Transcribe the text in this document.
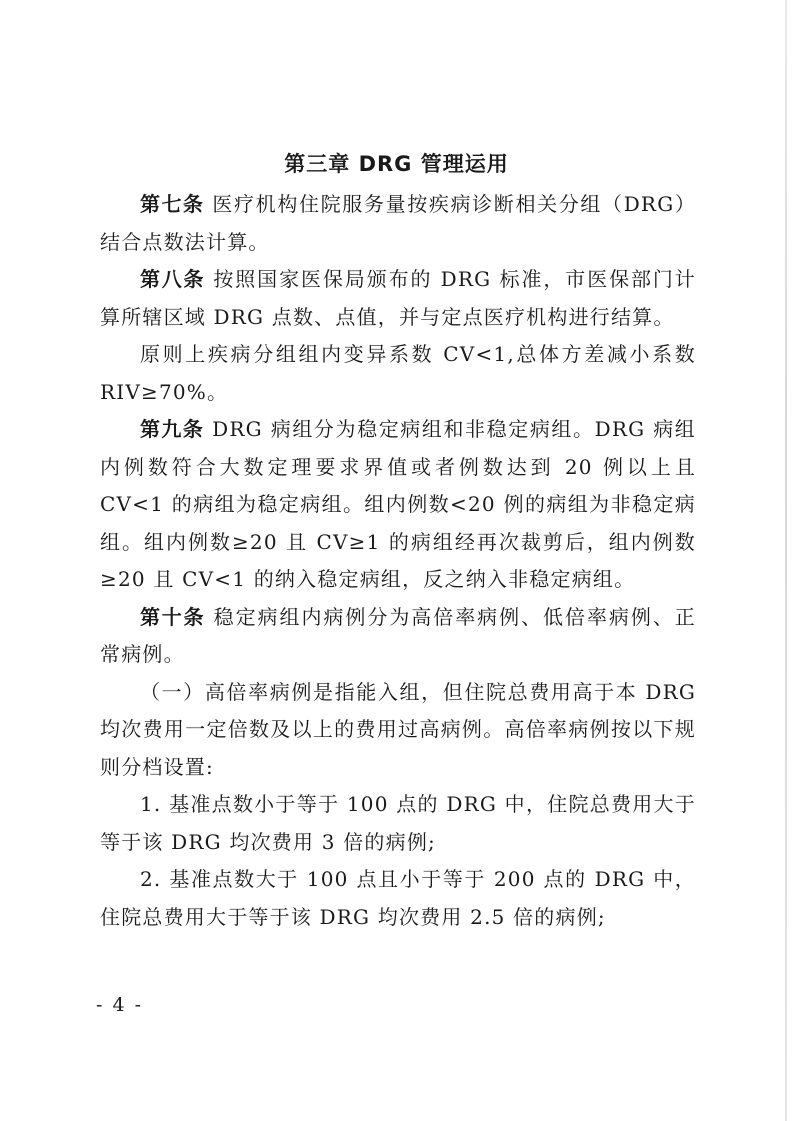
第三章 DRG 管理运用

第七条 医疗机构住院服务量按疾病诊断相关分组（DRG）结合点数法计算。

第八条 按照国家医保局颁布的 DRG 标准，市医保部门计算所辖区域 DRG 点数、点值，并与定点医疗机构进行结算。

原则上疾病分组组内变异系数 CV<1,总体方差减小系数 RIV≥70%。

第九条 DRG 病组分为稳定病组和非稳定病组。DRG 病组内例数符合大数定理要求界值或者例数达到 20 例以上且 CV<1 的病组为稳定病组。组内例数<20 例的病组为非稳定病组。组内例数≥20 且 CV≥1 的病组经再次裁剪后，组内例数≥20 且 CV<1 的纳入稳定病组，反之纳入非稳定病组。

第十条 稳定病组内病例分为高倍率病例、低倍率病例、正常病例。

（一）高倍率病例是指能入组，但住院总费用高于本 DRG 均次费用一定倍数及以上的费用过高病例。高倍率病例按以下规则分档设置:

1. 基准点数小于等于 100 点的 DRG 中，住院总费用大于等于该 DRG 均次费用 3 倍的病例;

2. 基准点数大于 100 点且小于等于 200 点的 DRG 中，住院总费用大于等于该 DRG 均次费用 2.5 倍的病例;

- 4 -
